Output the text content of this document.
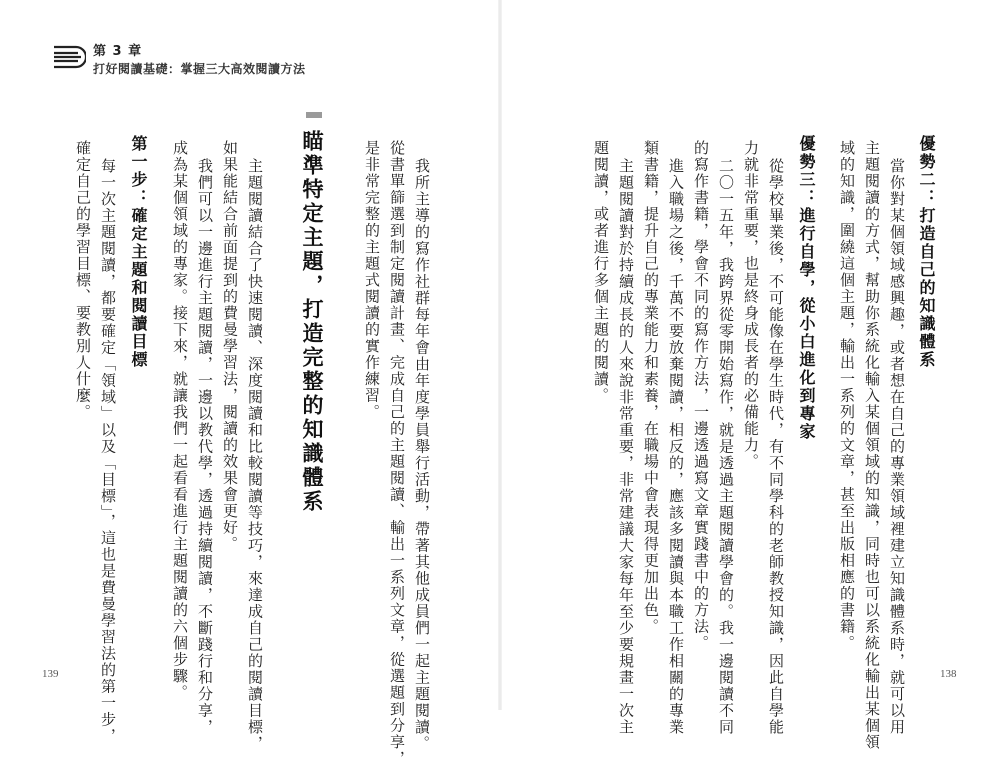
第 3 章
打好閱讀基礎：掌握三大高效閱讀方法
優勢二：打造自己的知識體系
當你對某個領域感興趣，或者想在自己的專業領域裡建立知識體系時，就可以用
主題閱讀的方式，幫助你系統化輸入某個領域的知識，同時也可以系統化輸出某個領
域的知識，圍繞這個主題，輸出一系列的文章，甚至出版相應的書籍。
優勢三：進行自學，從小白進化到專家
從學校畢業後，不可能像在學生時代，有不同學科的老師教授知識，因此自學能
力就非常重要，也是終身成長者的必備能力。
二〇一五年，我跨界從零開始寫作，就是透過主題閱讀學會的。我一邊閱讀不同
的寫作書籍，學會不同的寫作方法，一邊透過寫文章實踐書中的方法。
進入職場之後，千萬不要放棄閱讀，相反的，應該多閱讀與本職工作相關的專業
類書籍，提升自己的專業能力和素養，在職場中會表現得更加出色。
主題閱讀對於持續成長的人來說非常重要，非常建議大家每年至少要規畫一次主
題閱讀，或者進行多個主題的閱讀。
瞄準特定主題，打造完整的知識體系	我所主導的寫作社群每年會由年度學員舉行活動，帶著其他成員們一起主題閱讀。
從書單篩選到制定閱讀計畫、完成自己的主題閱讀、輸出一系列文章，從選題到分享，
是非常完整的主題式閱讀的實作練習。
主題閱讀結合了快速閱讀、深度閱讀和比較閱讀等技巧，來達成自己的閱讀目標，
如果能結合前面提到的費曼學習法，閱讀的效果會更好。
我們可以一邊進行主題閱讀，一邊以教代學，透過持續閱讀，不斷踐行和分享，
成為某個領域的專家。接下來，就讓我們一起看看進行主題閱讀的六個步驟。
第一步：確定主題和閱讀目標
每一次主題閱讀，都要確定「領域」以及「目標」，這也是費曼學習法的第一步，
確定自己的學習目標、要教別人什麼。
139	138
